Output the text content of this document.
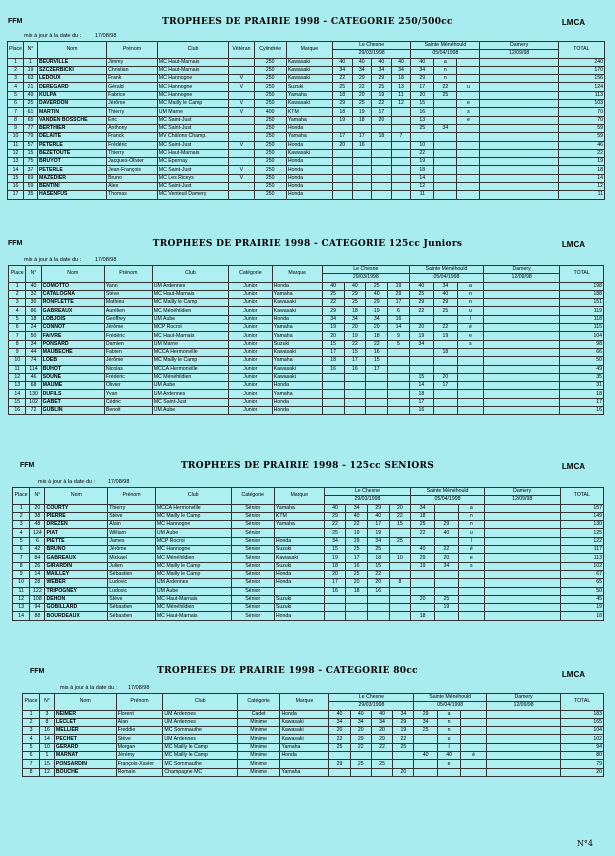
FFM	TROPHEES DE PRAIRIE 1998 - CATEGORIE 250/500cc	LMCA
mis à jour à la date du :	17/08/98
Place	N°	Nom	Prénom	Club	Vétéran	Cylindrée	Marque	Le Chesne				Sainte Ménéhould			Damery	TOTAL
								29/03/1998				05/04/1998			12/09/98	
1	1	BEURVILLE	Jimmy	MC Haut-Marnais		250	Kawasaki	40	40	40	40	40	a			240
2	19	SZCZERBICKI	Christian	MC Haut-Marnais		250	Kawasaki	34	34	34	34	34	n			170
3	63	LEDOUX	Frank	MC Hannogne	V	250	Kawasaki	22	29	29	18	29	n			156
4	21	DEREGARD	Gérald	MC Hannogne	V	250	Suzuki	25	22	25	13	17	22	u		124
5	49	KULPA	Fabrice	MC Hannogne		250	Yamaha	18	20	19	11	20	25			113
6	25	DAVERDON	Jérôme	MC Mailly le Camp	V	250	Kawasaki	29	25	22	12	15		e		103
7	61	MARTIN	Thierry	UM Marne	V	400	KTM	18	19	17		16		s		70
8	65	VANDEN BOSSCHE	Eric	MC Saint-Just		250	Yamaha	19	18	20		13		e		70
9	77	BERTHIER	Anthony	MC Saint-Just		250	Honda					25	34			59
10	79	DELAITE	Franck	MV Châlons Champ.		250	Yamaha	17	17	18	7					59
11	57	PETERLE	Frédéric	MC Saint-Just	V	250	Honda	20	16			10				46
12	15	BEZETOUTE	Thierry	MC Haut-Marnais		250	Kawasaki					22				22
13	75	BRUYOT	Jacques-Olivier	MC Epernay		250	Honda					19				19
14	37	PETERLE	Jean-François	MC Saint-Just	V	250	Honda					18				18
15	69	MAZEDIER	Bruno	MC Les Riceys	V	250	Honda					14				14
16	59	BENTINI	Alex	MC Saint-Just		250	Honda					12				12
17	35	HASENFUS	Thomas	MC Venteuil Damery		250	Honda					11				11
FFM	TROPHEES DE PRAIRIE 1998 - CATEGORIE 125cc Juniors	LMCA
mis à jour à la date du :	17/08/98
Place	N°	Nom	Prénom	Club	Catégorie	Marque	Le Chesne				Sainte Ménéhould			Damery	TOTAL
							29/03/1998				05/04/1998			12/09/98	
1	40	COMOTTO	Yann	UM Ardennes	Junior	Honda	40	40	25	19	40	34	a		198
2	32	CATALOGNA	Stève	MC Haut-Marnais	Junior	Yamaha	25	29	40	29	25	40	n		188
3	30	RONFLETTE	Mathieu	MC Mailly le Camp	Junior	Kawasaki	22	25	29	17	29	29	n		151
4	86	GABREAUX	Aurélien	MC Ménéhildien	Junior	Kawasaki	29	18	19	6	22	25	u		119
5	18	LOBJOIS	Geoffrey	UM Aube	Junior	Honda	34	34	34	16			l		118
6	24	CONNOT	Jérôme	MCP Rocroi	Junior	Yamaha	19	20	20	14	20	22	é		115
7	50	FAIVRE	Frédéric	MC Haut-Marnais	Junior	Yamaha	20	19	18	9	19	19	e		104
8	34	PONSARD	Damien	UM Marne	Junior	Suzuki	15	22	22	5	34		s		98
9	44	MAUBECHE	Fabien	MCCA Hermonville	Junior	Kawasaki	17	15	16			18			66
10	74	LOEB	Jérôme	MC Mailly le Camp	Junior	Yamaha	18	17	15						50
11	114	BUHOT	Nicolas	MCCA Hermonville	Junior	Kawasaki	16	16	17						49
12	46	SOUNE	Frédéric	MC Ménéhildien	Junior	Kawasaki					15	20			35
13	68	MAUME	Olivier	UM Aube	Junior	Honda					14	17			31
14	130	DUFILS	Yvan	UM Ardennes	Junior	Yamaha					18				18
15	102	GABET	Cédric	MC Saint-Just	Junior	Honda					17				17
16	72	GUBLIN	Benoit	UM Aube	Junior	Honda					16				16
FFM	TROPHEES DE PRAIRIE 1998 - 125cc SENIORS	LMCA
mis à jour à la date du : 17/08/98
Place	N°	Nom	Prénom	Club	Catégorie	Marque	Le Chesne				Sainte Ménéhould			Damery	TOTAL
							29/03/1998				05/04/1998			12/09/98	
1	20	COURTY	Thierry	MCCA Hermonville	Sénior	Yamaha	40	34	29	20	34		a		157
2	38	PIERRE	Stève	MC Mailly le Camp	Sénior	KTM	29	40	40	22	18		n		149
3	48	DREZEN	Alain	MC Hannogne	Sénior	Yamaha	22	22	17	15	25	29	n		130
4	124	PIAT	William	UM Aube	Sénior		25	19	19		22	40	u		125
5	6	PIETTE	James	MCP Rocroi	Sénior	Honda	34	29	34	25			l		122
6	42	BRUNO	Jérôme	MC Hannogne	Sénior	Suzuki	15	25	25		40	22	é		117
7	84	GABREAUX	Mickael	MC Ménéhildien	Sénior	Kawasaki	19	17	18	10	29	20	e		113
8	26	GIRARDIN	Julien	MC Mailly le Camp	Sénior	Suzuki	18	16	15		19	34	s		102
9	14	MAILLEY	Sébastien	MC Mailly le Camp	Sénior	Honda	20	25	22						67
10	28	WEBER	Ludovic	UM Ardennes	Sénior	Honda	17	20	20	8					65
11	122	TRIPOGNEY	Ludovic	UM Aube	Sénior		16	18	16						50
12	108	DEHON	Stève	MC Haut-Marnais	Sénior	Suzuki					20	25			45
13	94	GOBILLARD	Sébastien	MC Ménéhildien	Sénior	Suzuki						19			19
14	88	BOURDEAUX	Sébastien	MC Haut-Marnais	Sénior	Honda					18				18
FFM	TROPHEES DE PRAIRIE 1998 - CATEGORIE 80cc	LMCA
mis à jour à la date du : 17/08/98
Place	N°	Nom	Prénom	Club	Catégorie	Marque	Le Chesne				Sainte Ménéhould			Damery	TOTAL
							29/03/1998				05/04/1998			12/09/98	
1	3	NEIMER	Florent	UM Ardennes	Cadet	Honda	40	40	40	34	29	a			183
2	8	LECLET	Alan	UM Ardennes	Minime	Kawasaki	34	34	34	29	34	n			165
3	16	MELLIER	Freddie	MC Sommauthe	Minime	Kawasaki	20	20	20	19	25	n			104
4	14	PECHET	Stève	UM Ardennes	Minime	Kawasaki	22	29	29	22		u			102
5	10	GERARD	Morgan	MC Mailly le Camp	Minime	Yamaha	25	22	22	25		l			94
6	1	MARNAT	Jérémy	MC Mailly le Camp	Minime	Honda					40	40	é		80
7	15	PONSARDIN	François-Xavier	MC Sommauthe	Minime		29	25	25			e			79
8	12	BOUCHE	Romain	Champagne MC	Minime	Yamaha				20					20
N°4
